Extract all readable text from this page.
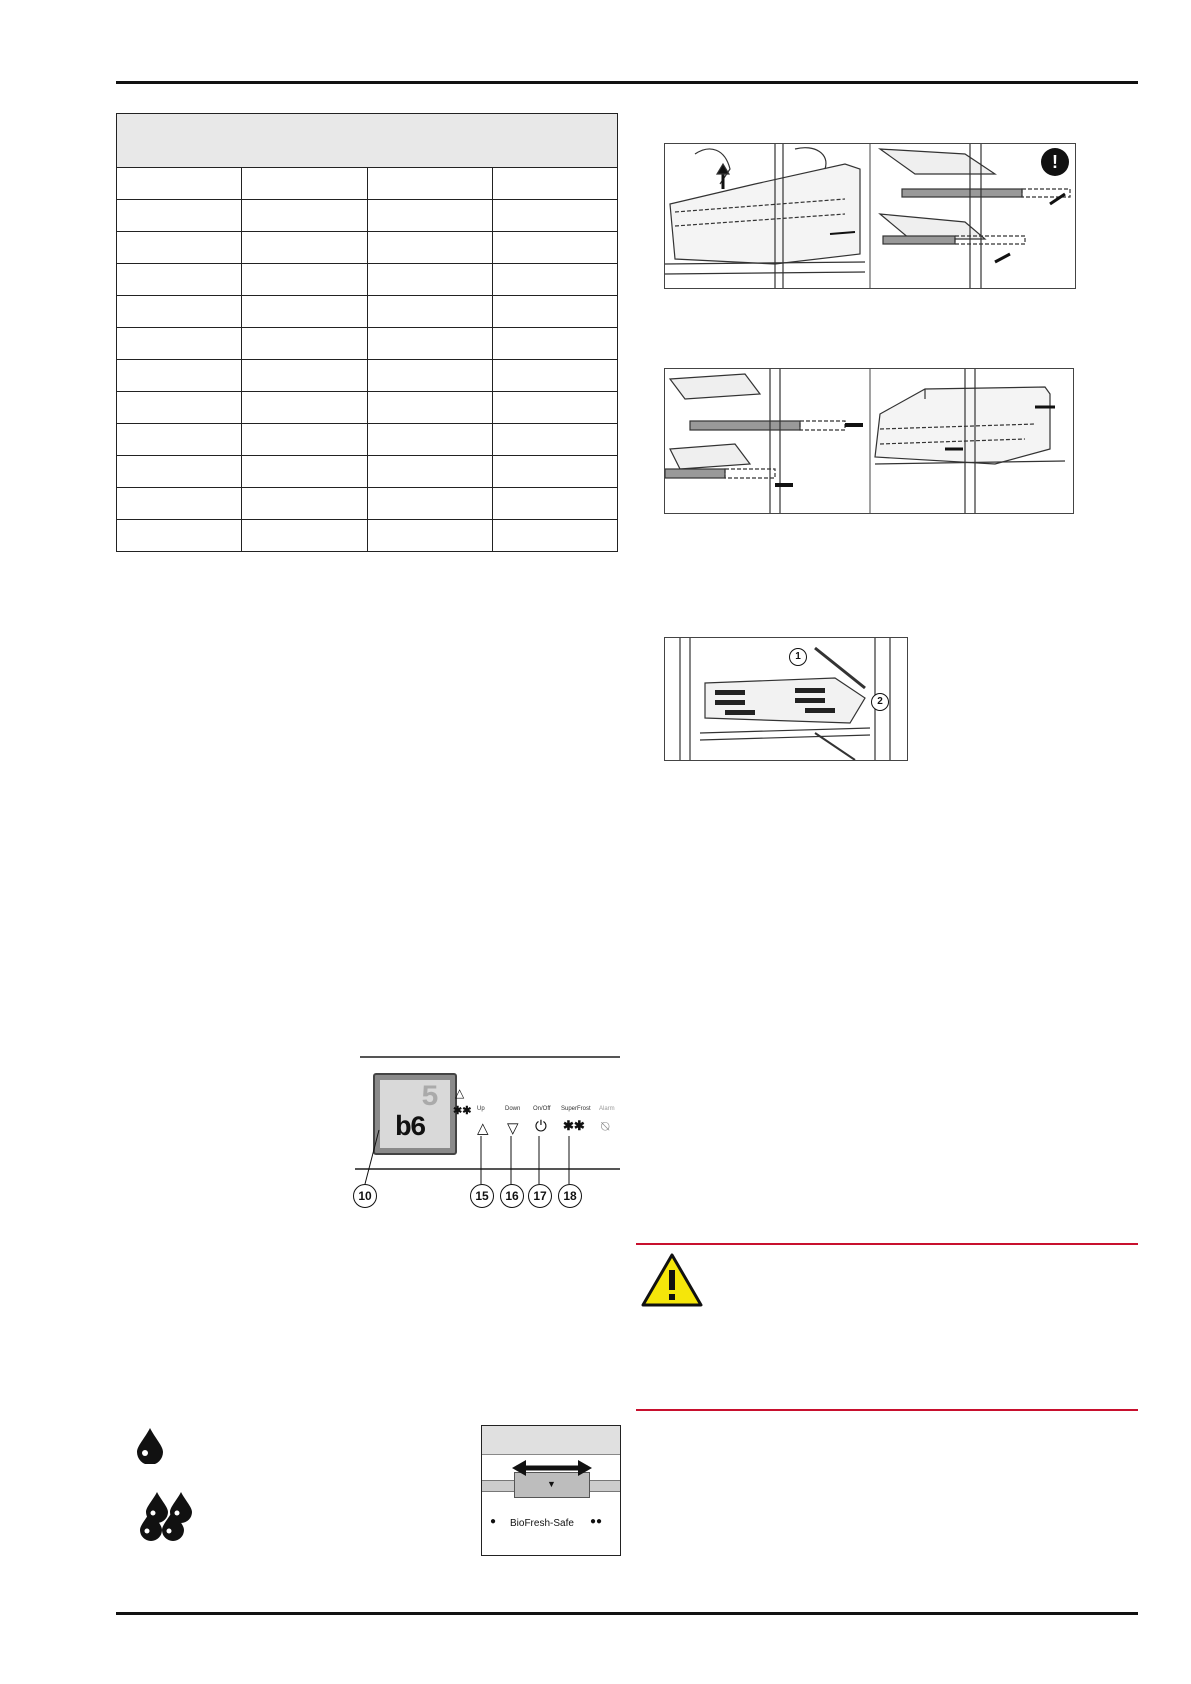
!
1
2
5
b6
△
✱✱ Up	Down On/Off SuperFrost Alarm
△ ▽ ⏻ ✱✱ ⍉
10	15	16	17	18
▼
BioFresh-Safe
●	●●
